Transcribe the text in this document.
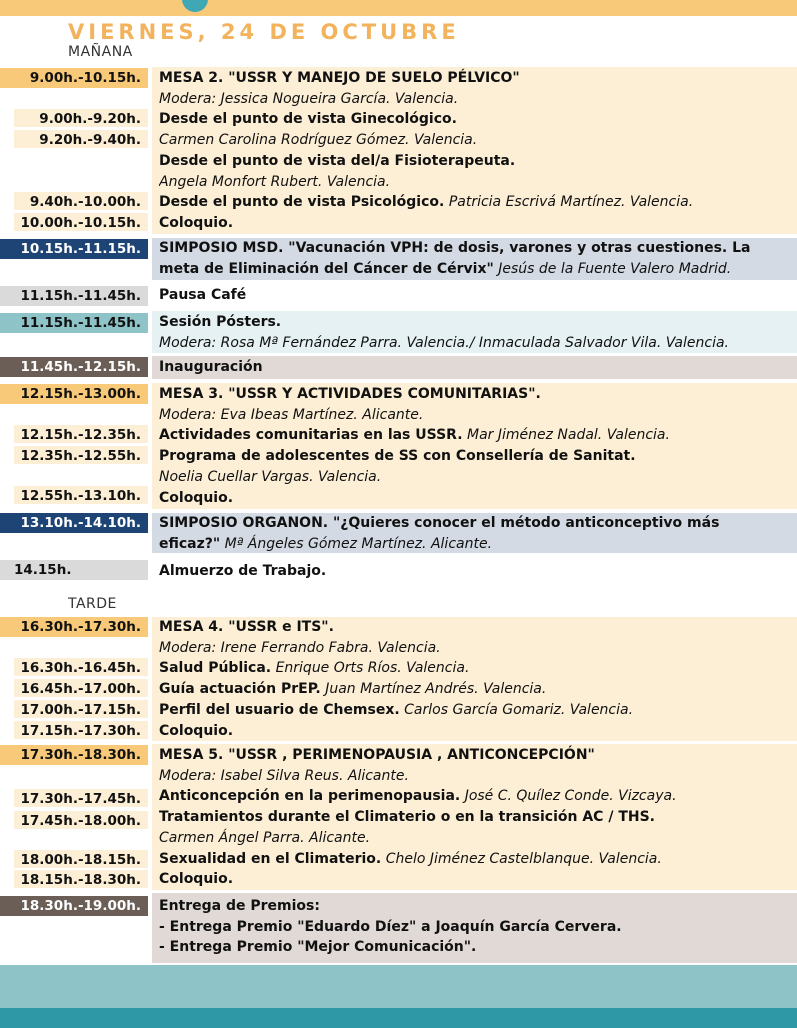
VIERNES, 24 DE OCTUBRE
MAÑANA
TARDE
9.00h.-10.15h.
9.00h.-9.20h.
9.20h.-9.40h.
9.40h.-10.00h.
10.00h.-10.15h.
10.15h.-11.15h.
11.15h.-11.45h.
11.15h.-11.45h.
11.45h.-12.15h.
12.15h.-13.00h.
12.15h.-12.35h.
12.35h.-12.55h.
12.55h.-13.10h.
13.10h.-14.10h.
14.15h.
16.30h.-17.30h.
16.30h.-16.45h.
16.45h.-17.00h.
17.00h.-17.15h.
17.15h.-17.30h.
17.30h.-18.30h.
17.30h.-17.45h.
17.45h.-18.00h.
18.00h.-18.15h.
18.15h.-18.30h.
18.30h.-19.00h.
MESA 2. "USSR Y MANEJO DE SUELO PÉLVICO"
Modera: Jessica Nogueira García. Valencia.
Desde el punto de vista Ginecológico.
Carmen Carolina Rodríguez Gómez. Valencia.
Desde el punto de vista del/a Fisioterapeuta.
Angela Monfort Rubert. Valencia.
Desde el punto de vista Psicológico. Patricia Escrivá Martínez. Valencia.
Coloquio.
SIMPOSIO MSD. "Vacunación VPH: de dosis, varones y otras cuestiones. La
meta de Eliminación del Cáncer de Cérvix" Jesús de la Fuente Valero Madrid.
Pausa Café
Sesión Pósters.
Modera: Rosa Mª Fernández Parra. Valencia./ Inmaculada Salvador Vila. Valencia.
Inauguración
MESA 3. "USSR Y ACTIVIDADES COMUNITARIAS".
Modera: Eva Ibeas Martínez. Alicante.
Actividades comunitarias en las USSR. Mar Jiménez Nadal. Valencia.
Programa de adolescentes de SS con Consellería de Sanitat.
Noelia Cuellar Vargas. Valencia.
Coloquio.
SIMPOSIO ORGANON. "¿Quieres conocer el método anticonceptivo más
eficaz?" Mª Ángeles Gómez Martínez. Alicante.
Almuerzo de Trabajo.
MESA 4. "USSR e ITS".
Modera: Irene Ferrando Fabra. Valencia.
Salud Pública. Enrique Orts Ríos. Valencia.
Guía actuación PrEP. Juan Martínez Andrés. Valencia.
Perfil del usuario de Chemsex. Carlos García Gomariz. Valencia.
Coloquio.
MESA 5. "USSR , PERIMENOPAUSIA , ANTICONCEPCIÓN"
Modera: Isabel Silva Reus. Alicante.
Anticoncepción en la perimenopausia. José C. Quílez Conde. Vizcaya.
Tratamientos durante el Climaterio o en la transición AC / THS.
Carmen Ángel Parra. Alicante.
Sexualidad en el Climaterio. Chelo Jiménez Castelblanque. Valencia.
Coloquio.
Entrega de Premios:
- Entrega Premio "Eduardo Díez" a Joaquín García Cervera.
- Entrega Premio "Mejor Comunicación".
